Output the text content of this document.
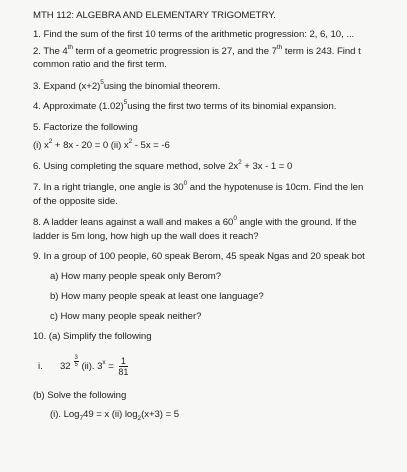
MTH 112: ALGEBRA AND ELEMENTARY TRIGOMETRY.
1. Find the sum of the first 10 terms of the arithmetic progression: 2, 6, 10, ...
2. The 4th term of a geometric progression is 27, and the 7th term is 243. Find t
common ratio and the first term.
3. Expand $(x+2)^5using$ the binomial theorem.
4. Approximate $(1.02)^5using$ the first two terms of its binomial expansion.
5. Factorize the following
(i) $x^2 + 8x - 20 = 0$ (ii) $x^2 - 5x = -6$
6. Using completing the square method, solve $2x^2 + 3x - 1 = 0$
7. In a right triangle, one angle is $30^0$ and the hypotenuse is 10cm. Find the len
of the opposite side.
8. A ladder leans against a wall and makes a $60^0$ angle with the ground. If the
ladder is 5m long, how high up the wall does it reach?
9. In a group of 100 people, 60 speak Berom, 45 speak Ngas and 20 speak bot
a) How many people speak only Berom?
b) How many people speak at least one language?
c) How many people speak neither?
10. (a) Simplify the following
i. $32 \frac{3}{5} (ii)$. $3^x = \frac{1}{81}$
(b) Solve the following
(i). Log$_7$49 = x (ii) $\log_2(x+3) = 5$
